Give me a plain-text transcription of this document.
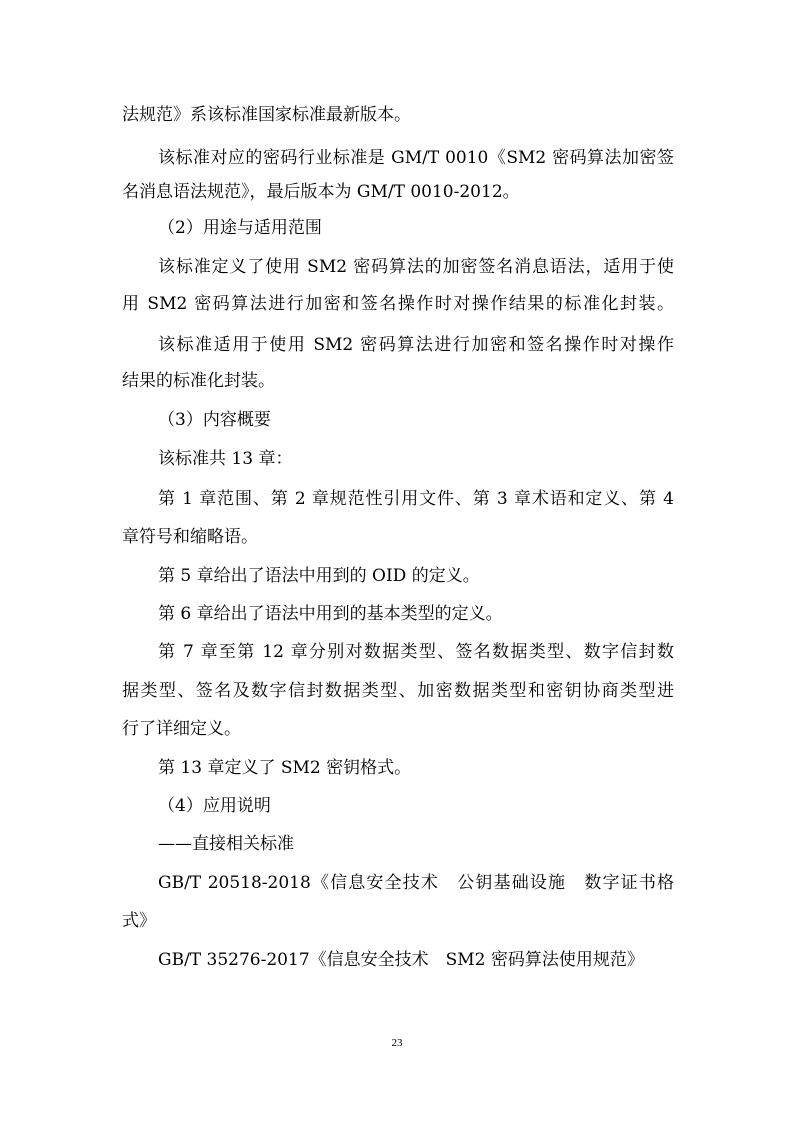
法规范》系该标准国家标准最新版本。
该标准对应的密码行业标准是 GM/T 0010《SM2 密码算法加密签
名消息语法规范》，最后版本为 GM/T 0010-2012。
（2）用途与适用范围
该标准定义了使用 SM2 密码算法的加密签名消息语法，适用于使
用 SM2 密码算法进行加密和签名操作时对操作结果的标准化封装。
该标准适用于使用 SM2 密码算法进行加密和签名操作时对操作
结果的标准化封装。
（3）内容概要
该标准共 13 章：
第 1 章范围、第 2 章规范性引用文件、第 3 章术语和定义、第 4
章符号和缩略语。
第 5 章给出了语法中用到的 OID 的定义。
第 6 章给出了语法中用到的基本类型的定义。
第 7 章至第 12 章分别对数据类型、签名数据类型、数字信封数
据类型、签名及数字信封数据类型、加密数据类型和密钥协商类型进
行了详细定义。
第 13 章定义了 SM2 密钥格式。
（4）应用说明
——直接相关标准
GB/T 20518-2018《信息安全技术　公钥基础设施　数字证书格
式》
GB/T 35276-2017《信息安全技术　SM2 密码算法使用规范》
23
